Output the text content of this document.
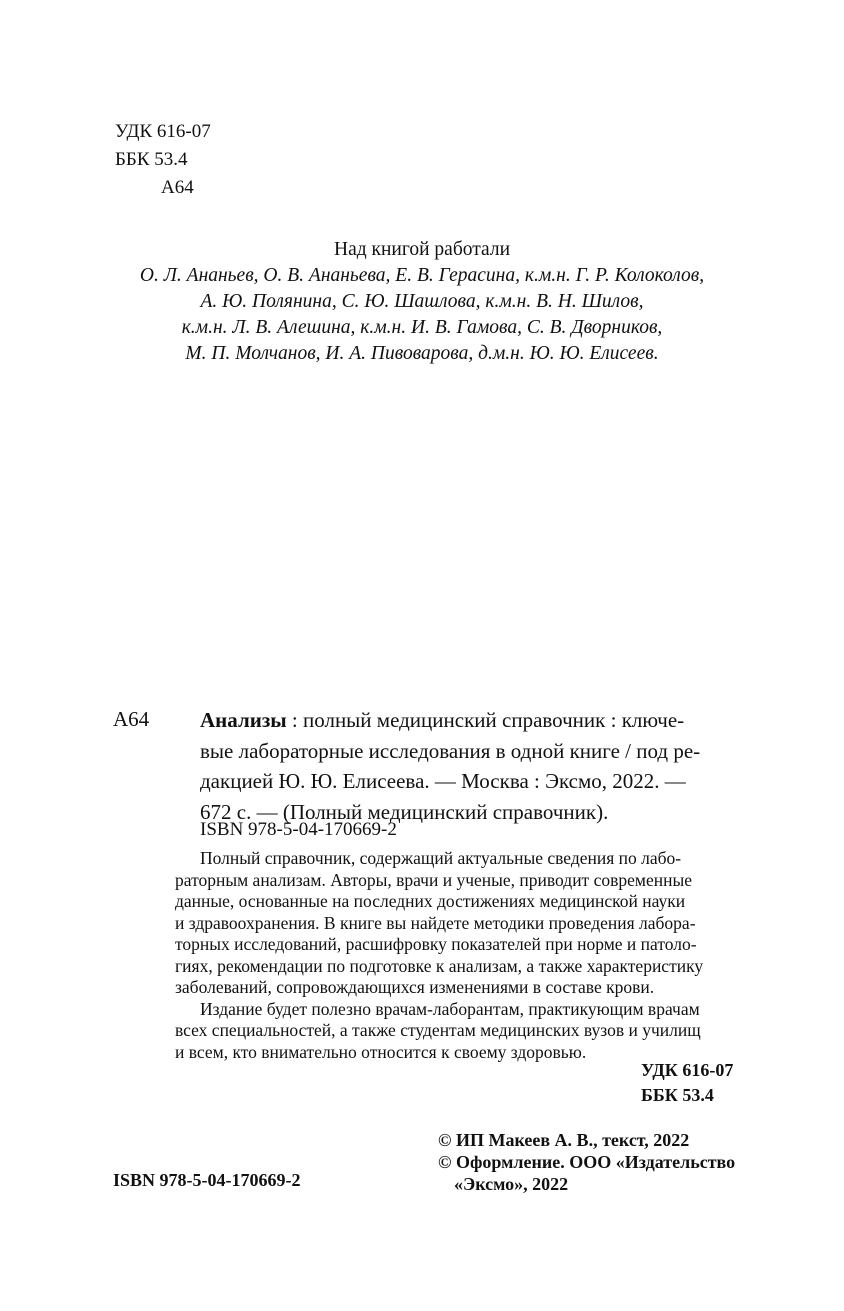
УДК 616-07
ББК 53.4
А64
Над книгой работали
О. Л. Ананьев, О. В. Ананьева, Е. В. Герасина, к.м.н. Г. Р. Колоколов,
А. Ю. Полянина, С. Ю. Шашлова, к.м.н. В. Н. Шилов,
к.м.н. Л. В. Алешина, к.м.н. И. В. Гамова, С. В. Дворников,
М. П. Молчанов, И. А. Пивоварова, д.м.н. Ю. Ю. Елисеев.
А64 Анализы : полный медицинский справочник : ключе-
вые лабораторные исследования в одной книге / под ре-
дакцией Ю. Ю. Елисеева. — Москва : Эксмо, 2022. —
672 с. — (Полный медицинский справочник).
ISBN 978-5-04-170669-2

Полный справочник, содержащий актуальные сведения по лабо-

раторным анализам. Авторы, врачи и ученые, приводит современные

данные, основанные на последних достижениях медицинской науки

и здравоохранения. В книге вы найдете методики проведения лабора-

торных исследований, расшифровку показателей при норме и патоло-

гиях, рекомендации по подготовке к анализам, а также характеристику

заболеваний, сопровождающихся изменениями в составе крови.

Издание будет полезно врачам-лаборантам, практикующим врачам

всех специальностей, а также студентам медицинских вузов и училищ

и всем, кто внимательно относится к своему здоровью.

УДК 616-07
ББК 53.4
© ИП Макеев А. В., текст, 2022
© Оформление. ООО «Издательство
«Эксмо», 2022
ISBN 978-5-04-170669-2
